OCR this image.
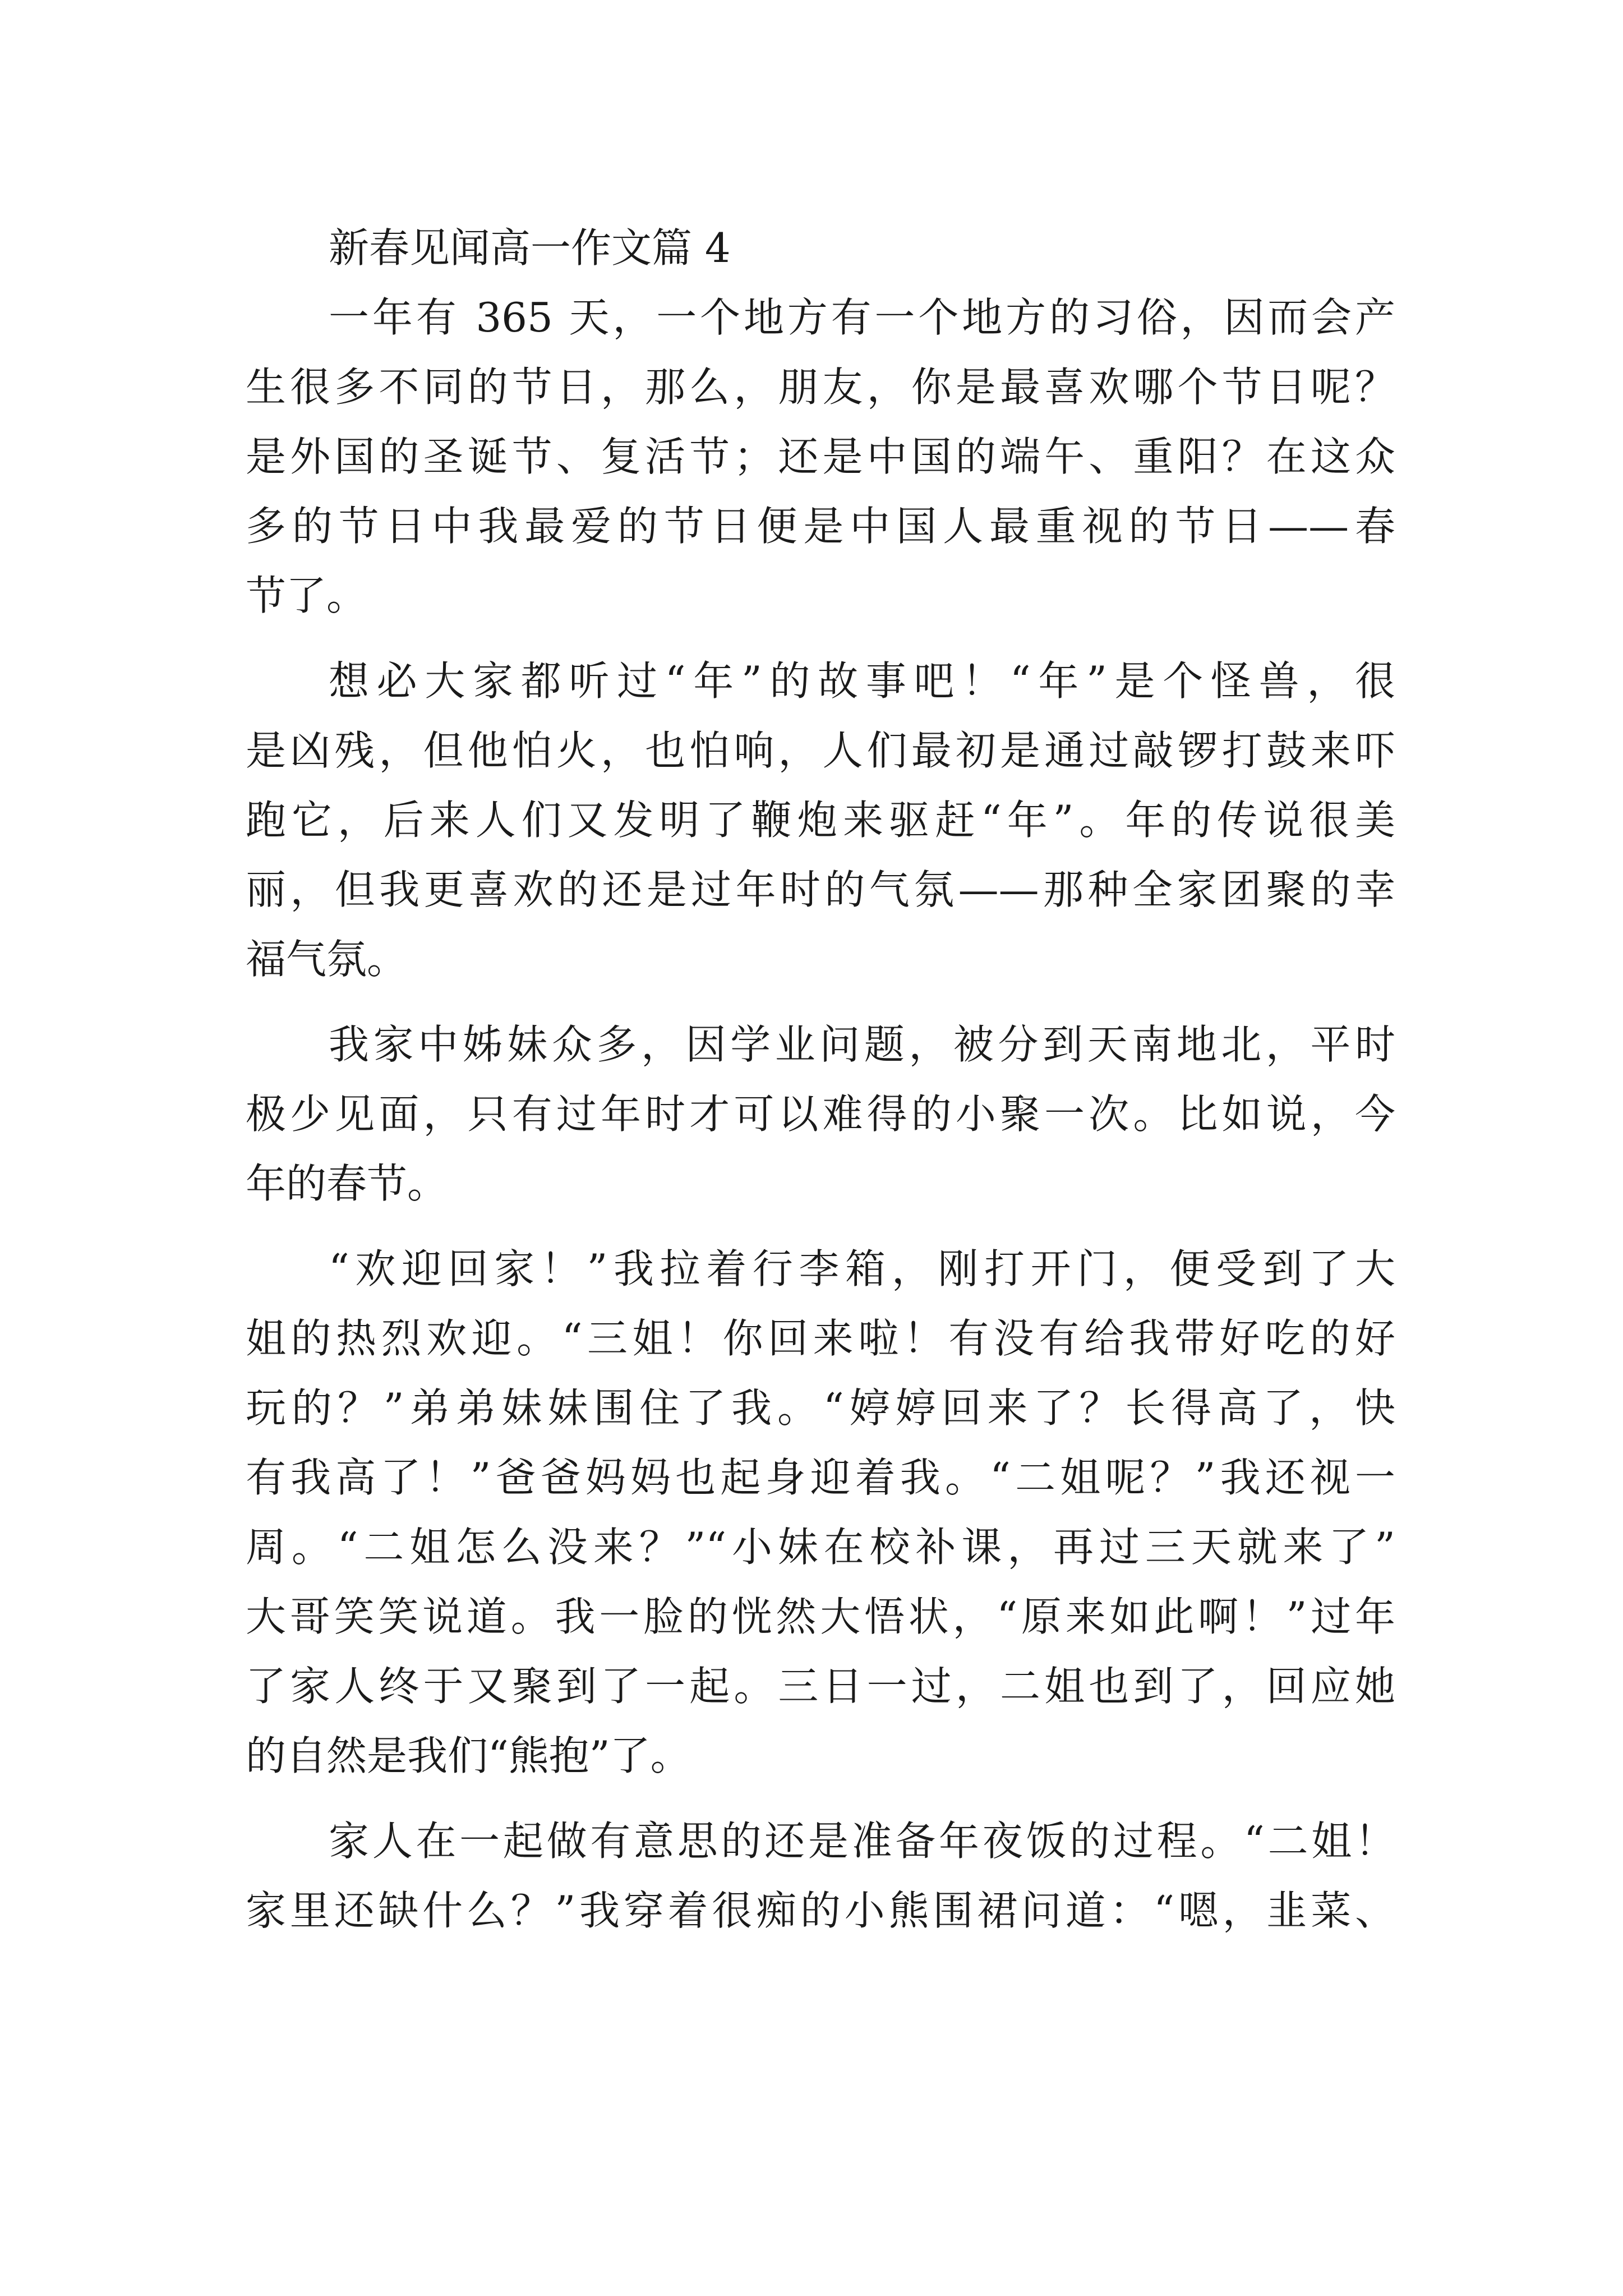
新春见闻高一作文篇 4
一年有 365 天，一个地方有一个地方的习俗，因而会产
生很多不同的节日，那么，朋友，你是最喜欢哪个节日呢？
是外国的圣诞节、复活节；还是中国的端午、重阳？在这众
多的节日中我最爱的节日便是中国人最重视的节日——春
节了。
想必大家都听过“年”的故事吧！“年”是个怪兽，很
是凶残，但他怕火，也怕响，人们最初是通过敲锣打鼓来吓
跑它，后来人们又发明了鞭炮来驱赶“年”。年的传说很美
丽，但我更喜欢的还是过年时的气氛——那种全家团聚的幸
福气氛。
我家中姊妹众多，因学业问题，被分到天南地北，平时
极少见面，只有过年时才可以难得的小聚一次。比如说，今
年的春节。
“欢迎回家！”我拉着行李箱，刚打开门，便受到了大
姐的热烈欢迎。“三姐！你回来啦！有没有给我带好吃的好
玩的？”弟弟妹妹围住了我。“婷婷回来了？长得高了，快
有我高了！”爸爸妈妈也起身迎着我。“二姐呢？”我还视一
周。“二姐怎么没来？”“小妹在校补课，再过三天就来了”
大哥笑笑说道。我一脸的恍然大悟状，“原来如此啊！”过年
了家人终于又聚到了一起。三日一过，二姐也到了，回应她
的自然是我们“熊抱”了。
家人在一起做有意思的还是准备年夜饭的过程。“二姐！
家里还缺什么？”我穿着很痴的小熊围裙问道：“嗯，韭菜、
